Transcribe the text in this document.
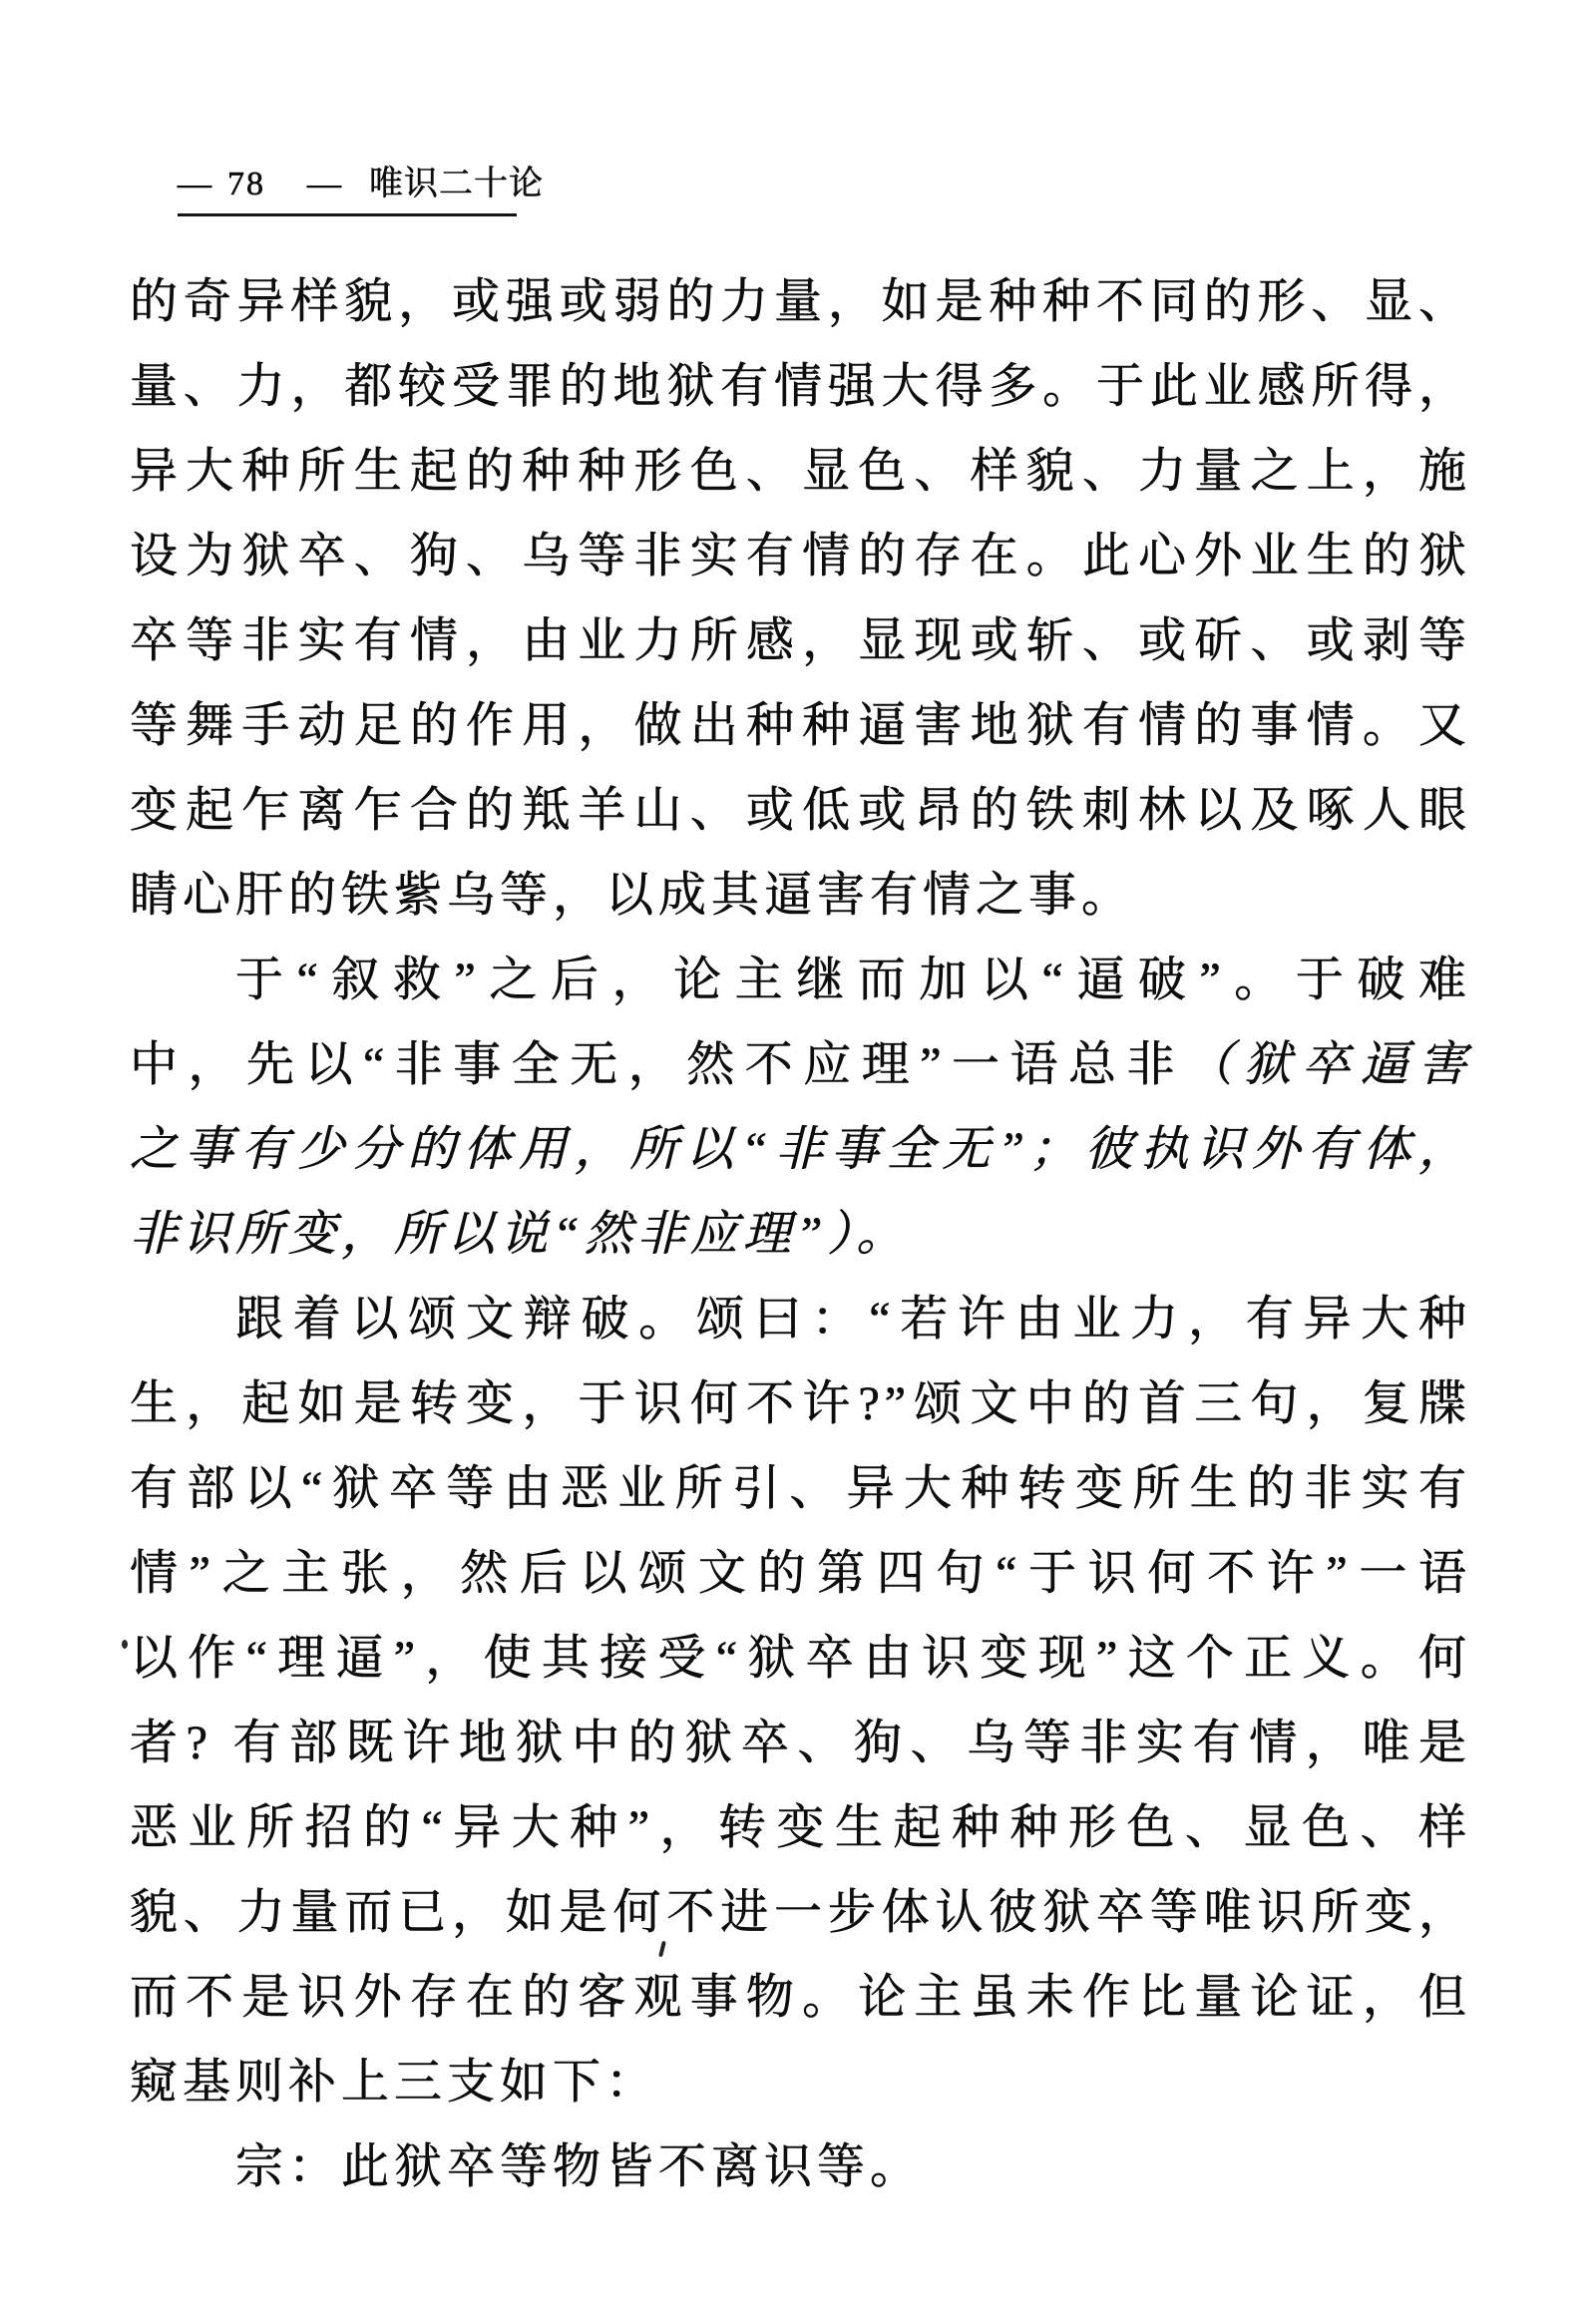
— 78 — 唯识二十论
的奇异样貌，或强或弱的力量，如是种种不同的形、显、
量、力，都较受罪的地狱有情强大得多。于此业感所得，
异大种所生起的种种形色、显色、样貌、力量之上，施
设为狱卒、狗、乌等非实有情的存在。此心外业生的狱
卒等非实有情，由业力所感，显现或斩、或斫、或剥等
等舞手动足的作用，做出种种逼害地狱有情的事情。又
变起乍离乍合的羝羊山、或低或昂的铁刺林以及啄人眼
睛心肝的铁紫乌等，以成其逼害有情之事。
于“叙救”之后，论主继而加以“逼破”。于破难
中，先以“非事全无，然不应理”一语总非（狱卒逼害
之事有少分的体用，所以“非事全无”；彼执识外有体，
非识所变，所以说“然非应理”）。
跟着以颂文辩破。颂曰：“若许由业力，有异大种
生，起如是转变，于识何不许?”颂文中的首三句，复牒
有部以“狱卒等由恶业所引、异大种转变所生的非实有
情”之主张，然后以颂文的第四句“于识何不许”一语
以作“理逼”，使其接受“狱卒由识变现”这个正义。何
者? 有部既许地狱中的狱卒、狗、乌等非实有情，唯是
恶业所招的“异大种”，转变生起种种形色、显色、样
貌、力量而已，如是何不进一步体认彼狱卒等唯识所变，
而不是识外存在的客观事物。论主虽未作比量论证，但
窥基则补上三支如下：
宗：此狱卒等物皆不离识等。
